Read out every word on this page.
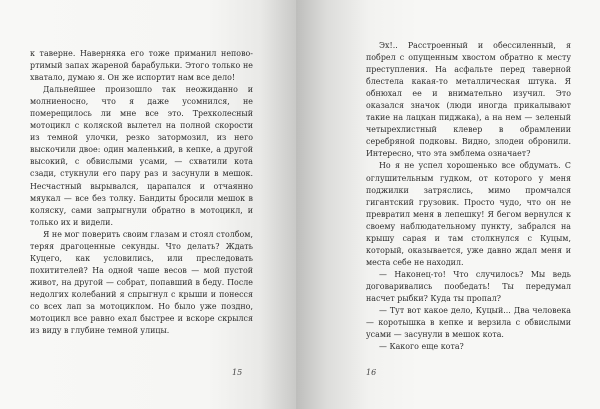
к таверне. Наверняка его тоже приманил непово-ртимый запах жареной барабульки. Этого только не хватало, думаю я. Он же испортит нам все дело!

Дальнейшее произошло так неожиданно и молниеносно, что я даже усомнился, не померещилось ли мне все это. Трехколесный мотоцикл с коляской вылетел на полной скорости из темной улочки, резко затормозил, из него выскочили двое: один маленький, в кепке, а другой высокий, с обвислыми усами, — схватили кота сзади, стукнули его пару раз и засунули в мешок. Несчастный вырывался, царапался и отчаянно мяукал — все без толку. Бандиты бросили мешок в коляску, сами запрыгнули обратно в мотоцикл, и только их и видели.

Я не мог поверить своим глазам и стоял столбом, теряя драгоценные секунды. Что делать? Ждать Куцего, как условились, или преследовать похитителей? На одной чаше весов — мой пустой живот, на другой — собрат, попавший в беду. После недолгих колебаний я спрыгнул с крыши и понесся со всех лап за мотоциклом. Но было уже поздно, мотоцикл все равно ехал быстрее и вскоре скрылся из виду в глубине темной улицы.

15

Эх!.. Расстроенный и обессиленный, я побрел с опущенным хвостом обратно к месту преступления. На асфальте перед таверной блестела какая-то металлическая штука. Я обнюхал ее и внимательно изучил. Это оказался значок (люди иногда прикалывают такие на лацкан пиджака), а на нем — зеленый четырехлистный клевер в обрамлении серебряной подковы. Видно, злодеи обронили. Интересно, что эта эмблема означает?

Но я не успел хорошенько все обдумать. С оглушительным гудком, от которого у меня поджилки затряслись, мимо промчался гигантский грузовик. Просто чудо, что он не превратил меня в лепешку! Я бегом вернулся к своему наблюдательному пункту, забрался на крышу сарая и там столкнулся с Куцым, который, оказывается, уже давно ждал меня и места себе не находил.

— Наконец-то! Что случилось? Мы ведь договаривались пообедать! Ты передумал насчет рыбки? Куда ты пропал?

— Тут вот какое дело, Куцый... Два человека — коротышка в кепке и верзила с обвислыми усами — засунули в мешок кота.

— Какого еще кота?

16
